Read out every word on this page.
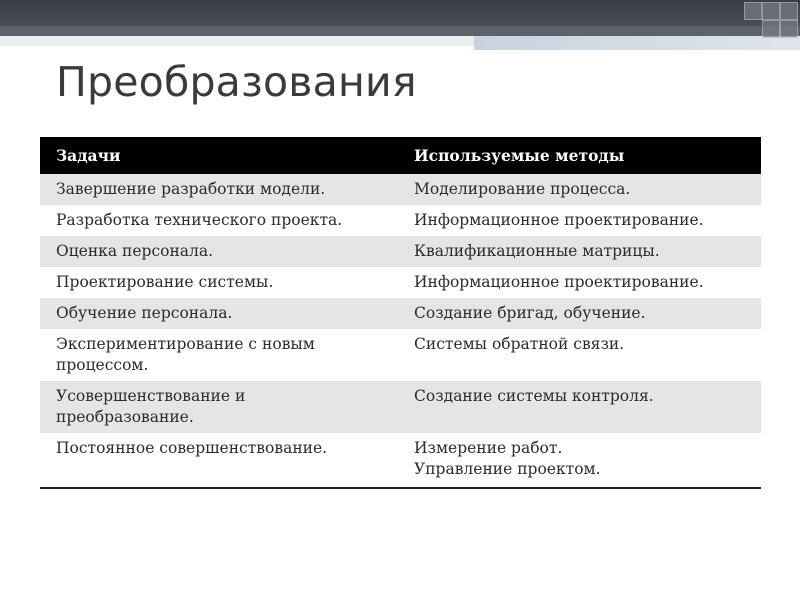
Преобразования
Задачи	Используемые методы

Завершение разработки модели.	Моделирование процесса.

Разработка технического проекта.	Информационное проектирование.

Оценка персонала.	Квалификационные матрицы.

Проектирование системы.	Информационное проектирование.

Обучение персонала.	Создание бригад, обучение.

Экспериментирование с новым
процессом.	Системы обратной связи.

Усовершенствование и
преобразование.	Создание системы контроля.

Постоянное совершенствование.	Измерение работ.
Управление проектом.
